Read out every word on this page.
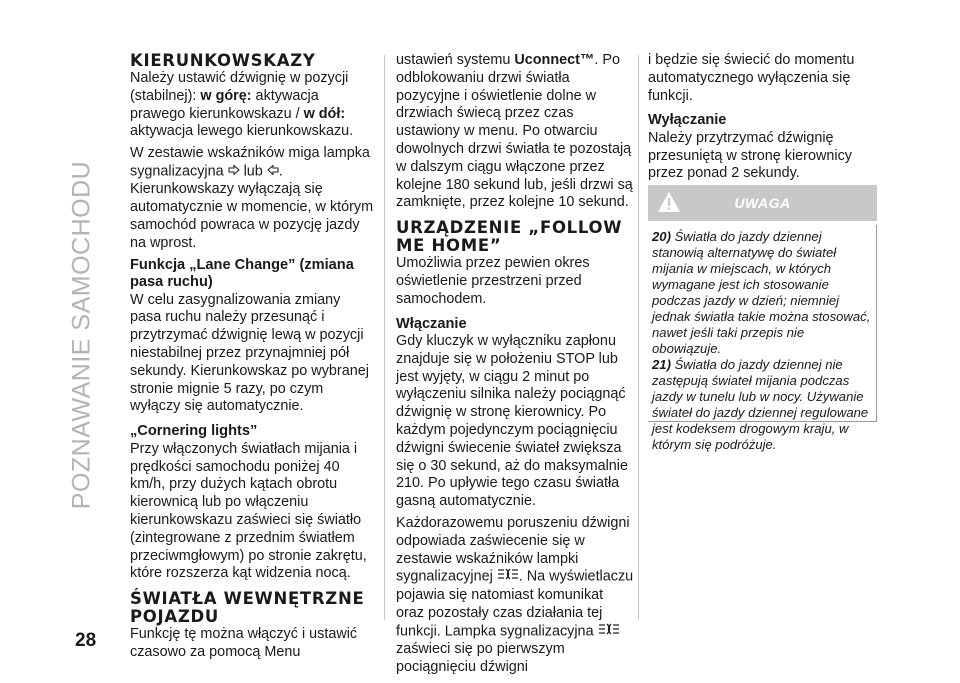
POZNAWANIE SAMOCHODU

KIERUNKOWSKAZY

Należy ustawić dźwignię w pozycji (stabilnej): w górę: aktywacja prawego kierunkowskazu / w dół: aktywacja lewego kierunkowskazu.

W zestawie wskaźników miga lampka sygnalizacyjna  lub . Kierunkowskazy wyłączają się automatycznie w momencie, w którym samochód powraca w pozycję jazdy na wprost.

Funkcja „Lane Change” (zmiana pasa ruchu)

W celu zasygnalizowania zmiany pasa ruchu należy przesunąć i przytrzymać dźwignię lewą w pozycji niestabilnej przez przynajmniej pół sekundy. Kierunkowskaz po wybranej stronie mignie 5 razy, po czym wyłączy się automatycznie.

„Cornering lights”

Przy włączonych światłach mijania i prędkości samochodu poniżej 40 km/h, przy dużych kątach obrotu kierownicą lub po włączeniu kierunkowskazu zaświeci się światło (zintegrowane z przednim światłem przeciwmgłowym) po stronie zakrętu, które rozszerza kąt widzenia nocą.

ŚWIATŁA WEWNĘTRZNE POJAZDU

Funkcję tę można włączyć i ustawić czasowo za pomocą Menu

ustawień systemu Uconnect™. Po odblokowaniu drzwi światła pozycyjne i oświetlenie dolne w drzwiach świecą przez czas ustawiony w menu. Po otwarciu dowolnych drzwi światła te pozostają w dalszym ciągu włączone przez kolejne 180 sekund lub, jeśli drzwi są zamknięte, przez kolejne 10 sekund.

URZĄDZENIE „FOLLOW ME HOME”

Umożliwia przez pewien okres oświetlenie przestrzeni przed samochodem.

Włączanie

Gdy kluczyk w wyłączniku zapłonu znajduje się w położeniu STOP lub jest wyjęty, w ciągu 2 minut po wyłączeniu silnika należy pociągnąć dźwignię w stronę kierownicy. Po każdym pojedynczym pociągnięciu dźwigni świecenie świateł zwiększa się o 30 sekund, aż do maksymalnie 210. Po upływie tego czasu światła gasną automatycznie.

Każdorazowemu poruszeniu dźwigni odpowiada zaświecenie się w zestawie wskaźników lampki sygnalizacyjnej . Na wyświetlaczu pojawia się natomiast komunikat oraz pozostały czas działania tej funkcji. Lampka sygnalizacyjna  zaświeci się po pierwszym pociągnięciu dźwigni

i będzie się świecić do momentu automatycznego wyłączenia się funkcji.

Wyłączanie

Należy przytrzymać dźwignię przesuniętą w stronę kierownicy przez ponad 2 sekundy.

UWAGA

20) Światła do jazdy dziennej stanowią alternatywę do świateł mijania w miejscach, w których wymagane jest ich stosowanie podczas jazdy w dzień; niemniej jednak światła takie można stosować, nawet jeśli taki przepis nie obowiązuje.

21) Światła do jazdy dziennej nie zastępują świateł mijania podczas jazdy w tunelu lub w nocy. Używanie świateł do jazdy dziennej regulowane jest kodeksem drogowym kraju, w którym się podróżuje.

28
